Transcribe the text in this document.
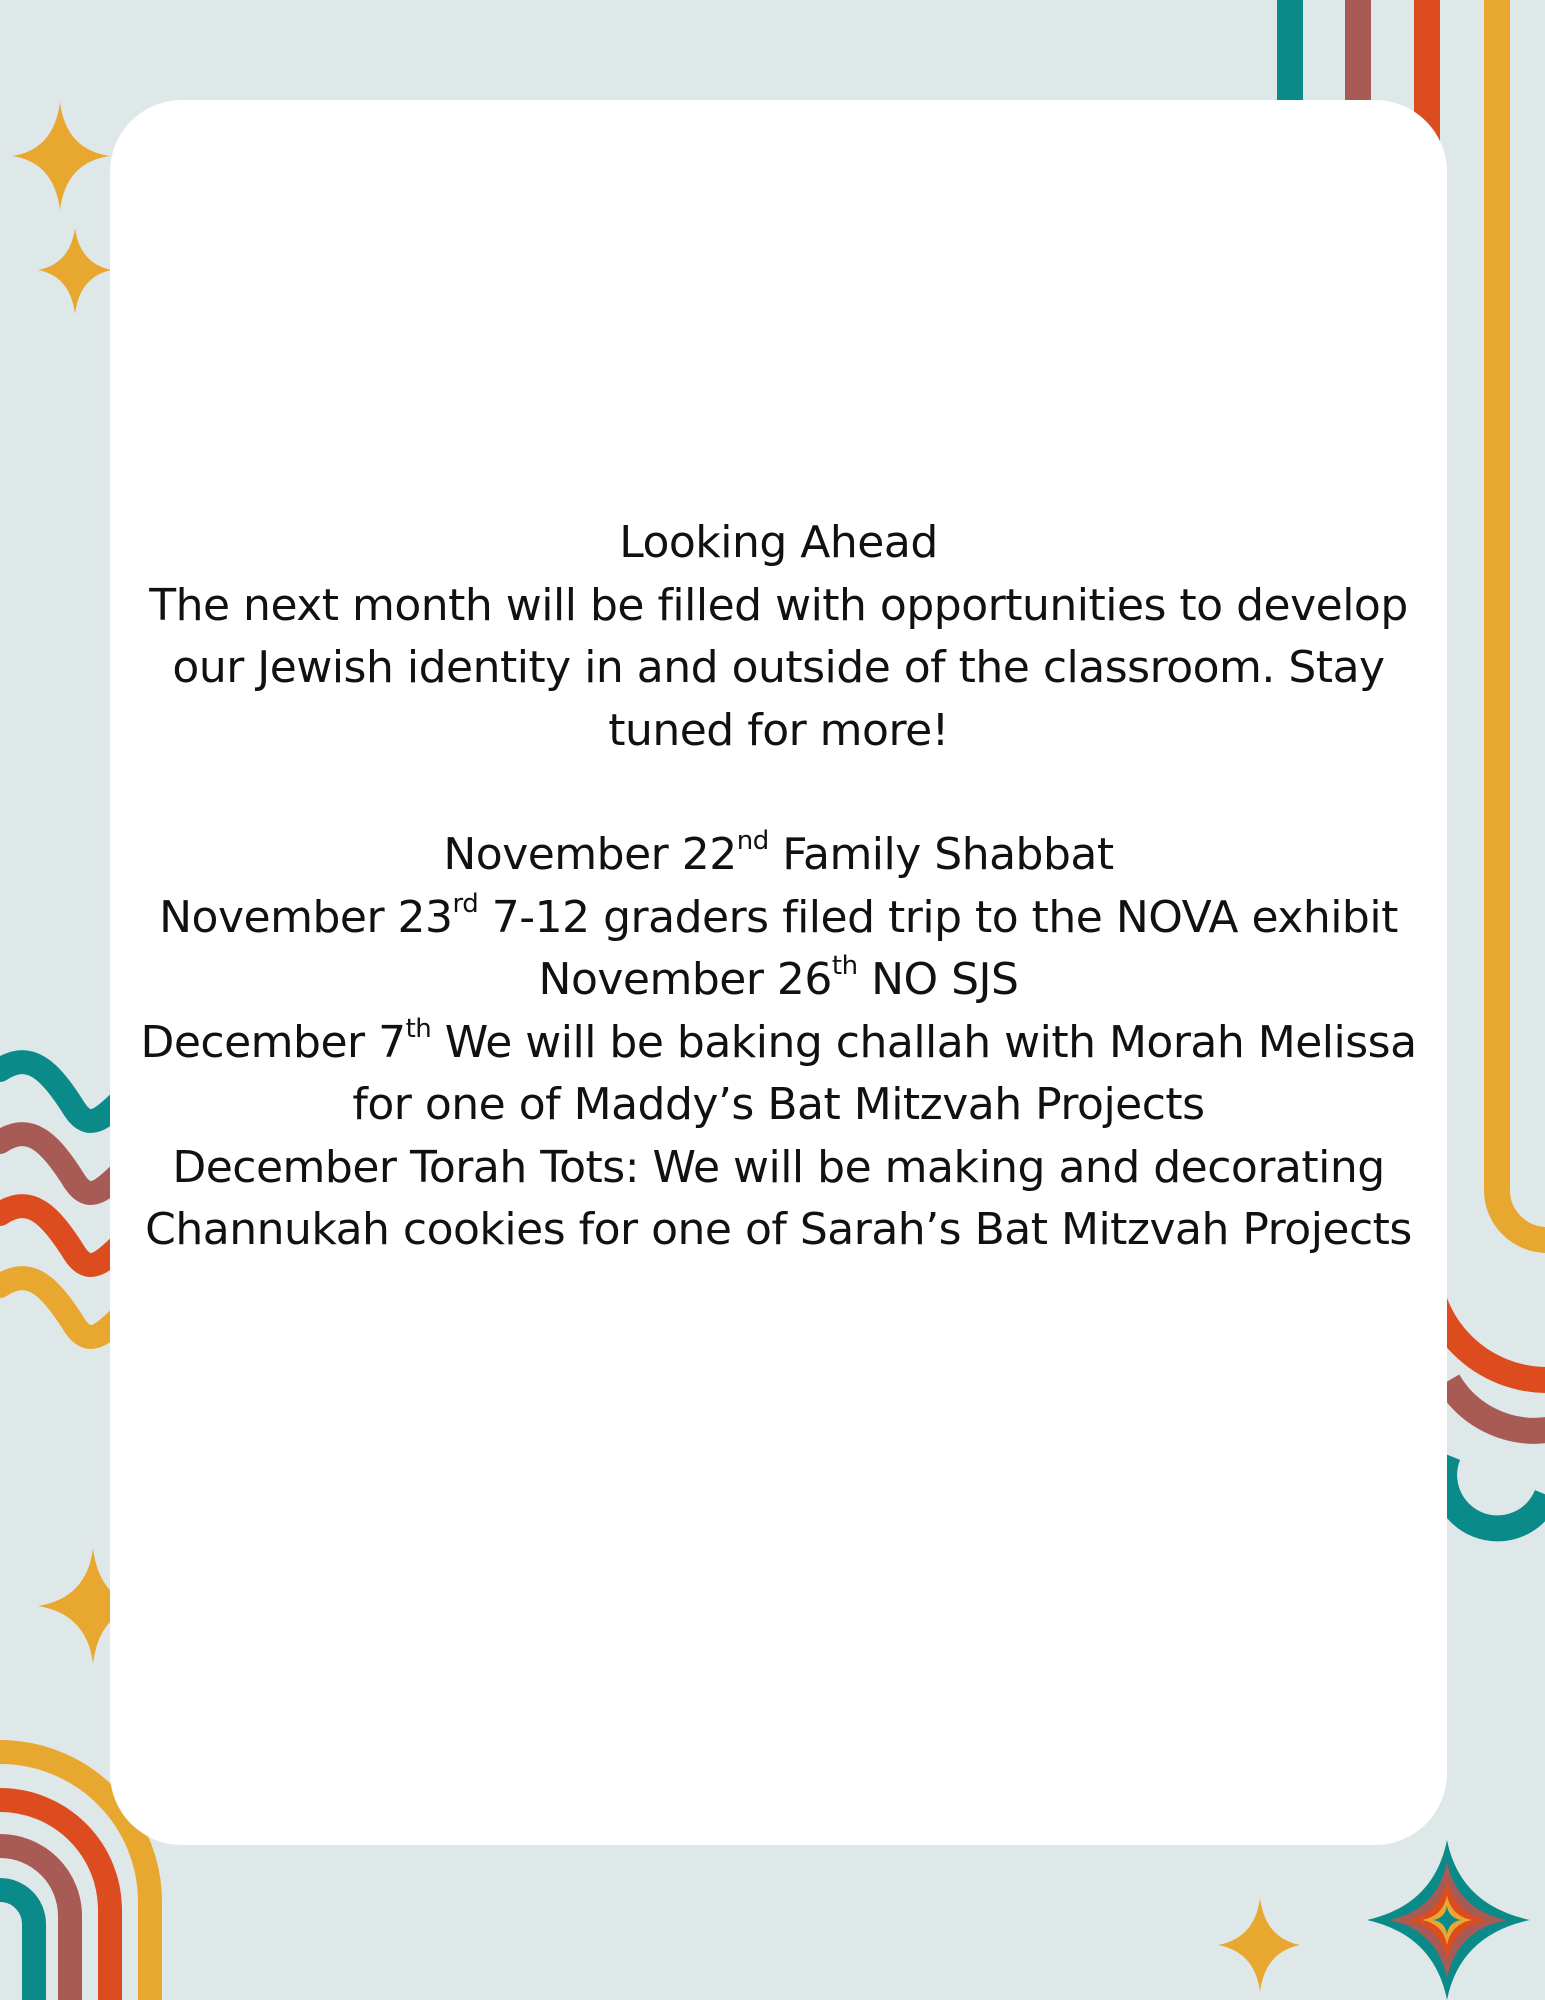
Looking Ahead

The next month will be filled with opportunities to develop our Jewish identity in and outside of the classroom. Stay tuned for more!

November 22nd Family Shabbat

November 23rd 7-12 graders filed trip to the NOVA exhibit

November 26th NO SJS

December 7th We will be baking challah with Morah Melissa

for one of Maddy’s Bat Mitzvah Projects

December Torah Tots: We will be making and decorating

Channukah cookies for one of Sarah’s Bat Mitzvah Projects
